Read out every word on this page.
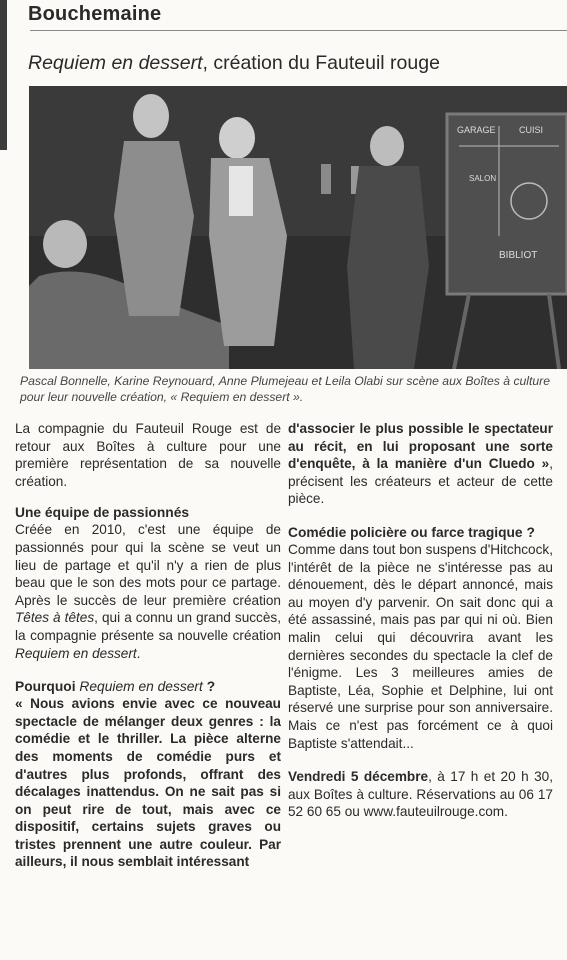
Bouchemaine
Requiem en dessert, création du Fauteuil rouge
GARAGE	CUISI
SALON
BIBLIOT
Pascal Bonnelle, Karine Reynouard, Anne Plumejeau et Leila Olabi sur scène aux Boîtes à culture pour leur nouvelle création, « Requiem en dessert ».

La compagnie du Fauteuil Rouge est de retour aux Boîtes à culture pour une première représentation de sa nouvelle création.

Une équipe de passionnés

Créée en 2010, c'est une équipe de passionnés pour qui la scène se veut un lieu de partage et qu'il n'y a rien de plus beau que le son des mots pour ce partage. Après le succès de leur première création Têtes à têtes, qui a connu un grand succès, la compagnie présente sa nouvelle création Requiem en dessert.

Pourquoi Requiem en dessert ?

« Nous avions envie avec ce nouveau spectacle de mélanger deux genres : la comédie et le thriller. La pièce alterne des moments de comédie purs et d'autres plus profonds, offrant des décalages inattendus. On ne sait pas si on peut rire de tout, mais avec ce dispositif, certains sujets graves ou tristes prennent une autre couleur. Par ailleurs, il nous semblait intéressant

d'associer le plus possible le spectateur au récit, en lui proposant une sorte d'enquête, à la manière d'un Cluedo », précisent les créateurs et acteur de cette pièce.

Comédie policière ou farce tragique ?

Comme dans tout bon suspens d'Hitchcock, l'intérêt de la pièce ne s'intéresse pas au dénouement, dès le départ annoncé, mais au moyen d'y parvenir. On sait donc qui a été assassiné, mais pas par qui ni où. Bien malin celui qui découvrira avant les dernières secondes du spectacle la clef de l'énigme. Les 3 meilleures amies de Baptiste, Léa, Sophie et Delphine, lui ont réservé une surprise pour son anniversaire. Mais ce n'est pas forcément ce à quoi Baptiste s'attendait...

Vendredi 5 décembre, à 17 h et 20 h 30, aux Boîtes à culture. Réservations au 06 17 52 60 65 ou www.fauteuilrouge.com.
